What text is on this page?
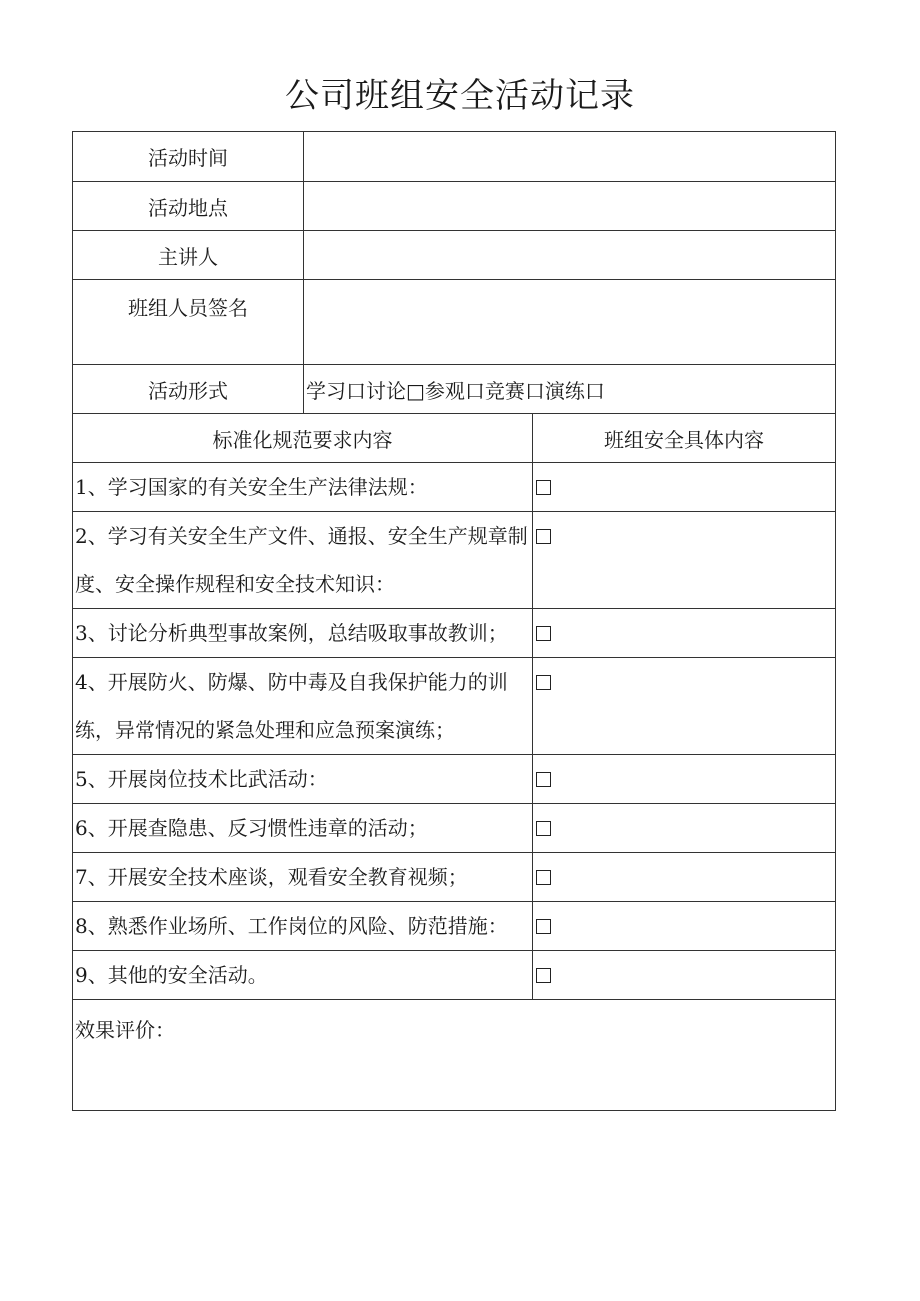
公司班组安全活动记录
活动时间		
活动地点		
主讲人		
班组人员签名		
活动形式	学习口讨论□参观口竞赛口演练口	
标准化规范要求内容		班组安全具体内容
1、学习国家的有关安全生产法律法规：		
2、学习有关安全生产文件、通报、安全生产规章制度、安全操作规程和安全技术知识：		
3、讨论分析典型事故案例，总结吸取事故教训；		
4、开展防火、防爆、防中毒及自我保护能力的训练，异常情况的紧急处理和应急预案演练；		
5、开展岗位技术比武活动：		
6、开展查隐患、反习惯性违章的活动；		
7、开展安全技术座谈，观看安全教育视频；		
8、熟悉作业场所、工作岗位的风险、防范措施：		
9、其他的安全活动。		
效果评价：		
